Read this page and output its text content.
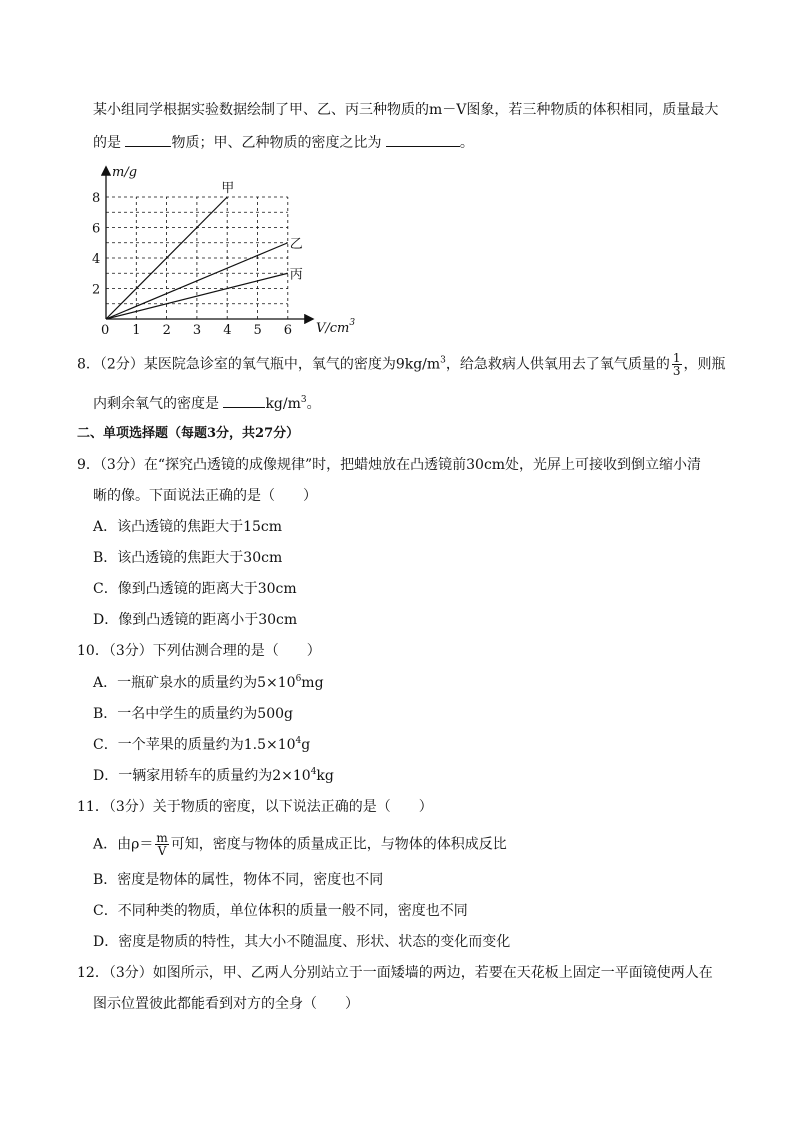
某小组同学根据实验数据绘制了甲、乙、丙三种物质的m－V图象，若三种物质的体积相同，质量最大
的是	物质；甲、乙种物质的密度之比为	。
m/g
$V/cm^3$
0 1 2 3 4 5 6
2
4
6
8
甲
乙
丙
8．（2分）某医院急诊室的氧气瓶中，氧气的密度为$9kg/m^3$，给急救病人供氧用去了氧气质量的 $\frac{1}{3}$ ，则瓶
内剩余氧气的密度是	$kg/m^3$。
二、单项选择题（每题3分，共27分）
9．（3分）在“探究凸透镜的成像规律”时，把蜡烛放在凸透镜前30cm处，光屏上可接收到倒立缩小清
晰的像。下面说法正确的是（　　）
A．该凸透镜的焦距大于15cm
B．该凸透镜的焦距大于30cm
C．像到凸透镜的距离大于30cm
D．像到凸透镜的距离小于30cm
10．（3分）下列估测合理的是（　　）
A．一瓶矿泉水的质量约为$5\times 10^6mg$
B．一名中学生的质量约为500g
C．一个苹果的质量约为$1.5\times 10^4g$
D．一辆家用轿车的质量约为$2\times 10^4kg$
11．（3分）关于物质的密度，以下说法正确的是（　　）
A．由$\rho= \frac{m}{V}$ 可知，密度与物体的质量成正比，与物体的体积成反比
B．密度是物体的属性，物体不同，密度也不同
C．不同种类的物质，单位体积的质量一般不同，密度也不同
D．密度是物质的特性，其大小不随温度、形状、状态的变化而变化
12．（3分）如图所示，甲、乙两人分别站立于一面矮墙的两边，若要在天花板上固定一平面镜使两人在
图示位置彼此都能看到对方的全身（　　）
